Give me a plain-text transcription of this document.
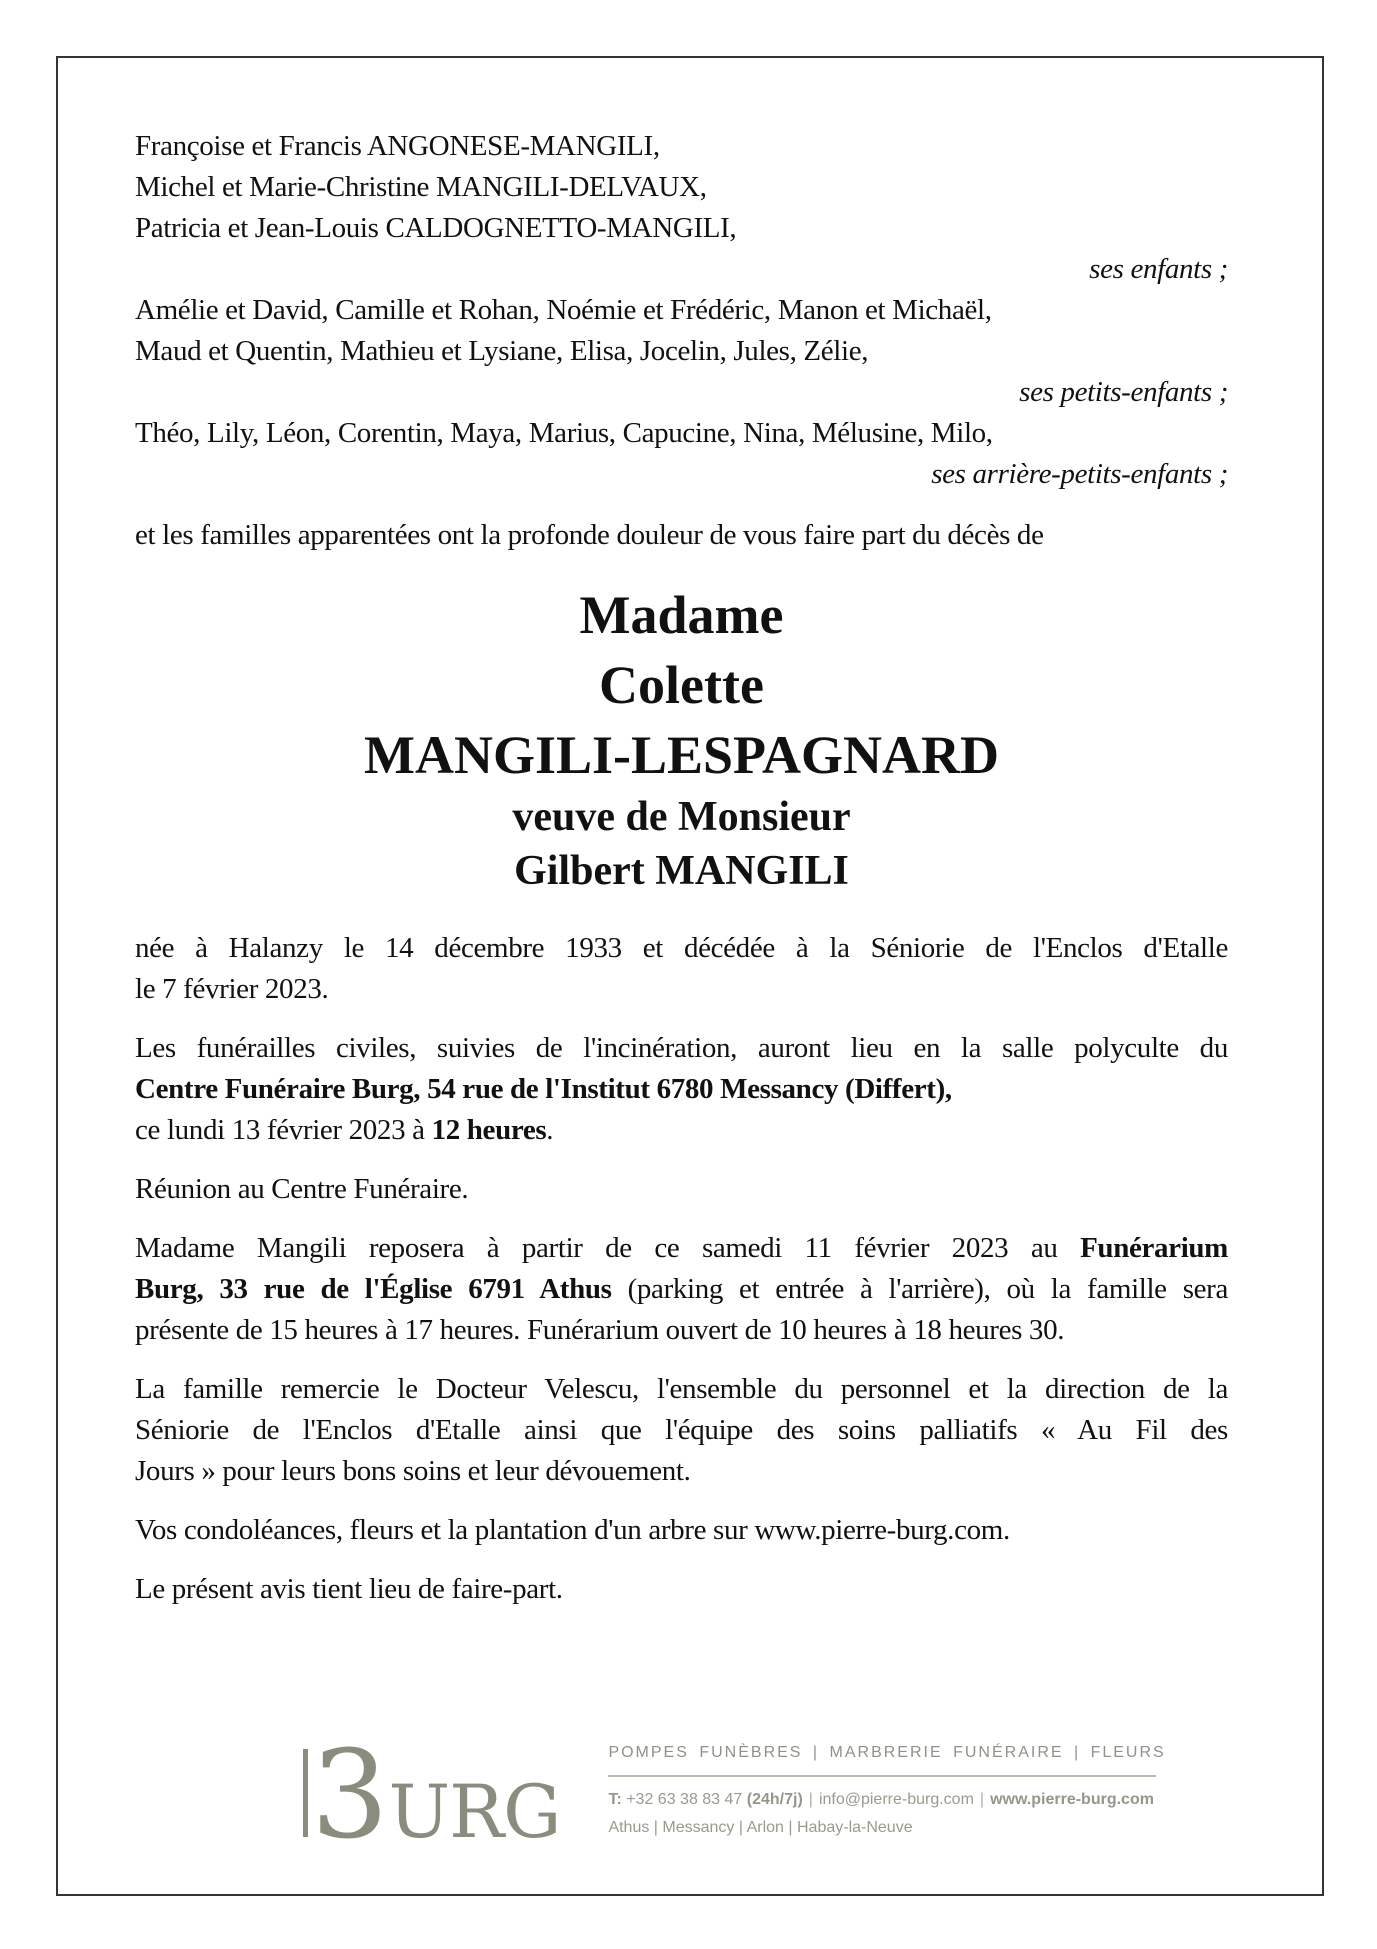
Françoise et Francis ANGONESE-MANGILI,
Michel et Marie-Christine MANGILI-DELVAUX,
Patricia et Jean-Louis CALDOGNETTO-MANGILI,
ses enfants ;
Amélie et David, Camille et Rohan, Noémie et Frédéric, Manon et Michaël,
Maud et Quentin, Mathieu et Lysiane, Elisa, Jocelin, Jules, Zélie,
ses petits-enfants ;
Théo, Lily, Léon, Corentin, Maya, Marius, Capucine, Nina, Mélusine, Milo,
ses arrière-petits-enfants ;

et les familles apparentées ont la profonde douleur de vous faire part du décès de

Madame
Colette
MANGILI-LESPAGNARD
veuve de Monsieur
Gilbert MANGILI
née à Halanzy le 14 décembre 1933 et décédée à la Séniorie de l'Enclos d'Etalle
le 7 février 2023.
Les funérailles civiles, suivies de l'incinération, auront lieu en la salle polyculte du
Centre Funéraire Burg, 54 rue de l'Institut 6780 Messancy (Differt),
ce lundi 13 février 2023 à 12 heures.
Réunion au Centre Funéraire.
Madame Mangili reposera à partir de ce samedi 11 février 2023 au Funérarium
Burg, 33 rue de l'Église 6791 Athus (parking et entrée à l'arrière), où la famille sera
présente de 15 heures à 17 heures. Funérarium ouvert de 10 heures à 18 heures 30.
La famille remercie le Docteur Velescu, l'ensemble du personnel et la direction de la
Séniorie de l'Enclos d'Etalle ainsi que l'équipe des soins palliatifs « Au Fil des
Jours » pour leurs bons soins et leur dévouement.
Vos condoléances, fleurs et la plantation d'un arbre sur www.pierre-burg.com.
Le présent avis tient lieu de faire-part.
3URG
POMPES FUNÈBRES | MARBRERIE FUNÉRAIRE | FLEURS
T: +32 63 38 83 47 (24h/7j) | info@pierre-burg.com | www.pierre-burg.com
Athus | Messancy | Arlon | Habay-la-Neuve
